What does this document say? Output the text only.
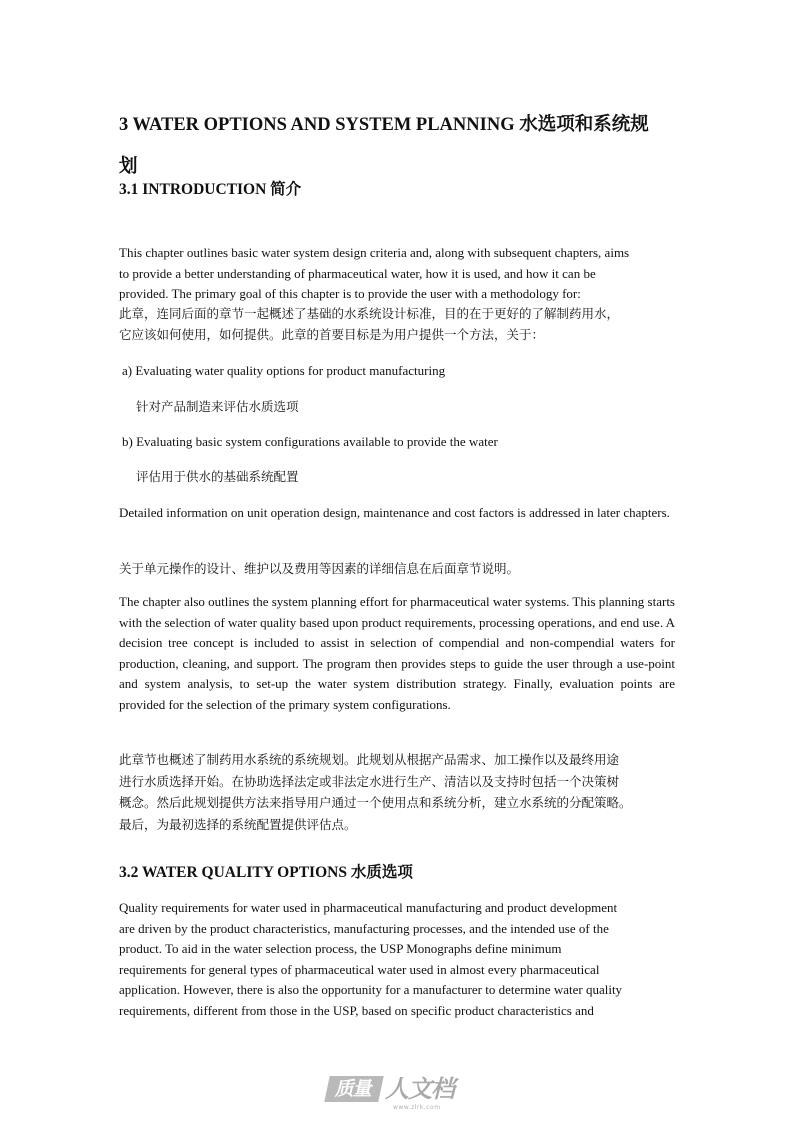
3 WATER OPTIONS AND SYSTEM PLANNING 水选项和系统规
划
3.1 INTRODUCTION 简介

This chapter outlines basic water system design criteria and, along with subsequent chapters, aims
to provide a better understanding of pharmaceutical water, how it is used, and how it can be
provided. The primary goal of this chapter is to provide the user with a methodology for:

此章，连同后面的章节一起概述了基础的水系统设计标准，目的在于更好的了解制药用水，
它应该如何使用，如何提供。此章的首要目标是为用户提供一个方法，关于：

a) Evaluating water quality options for product manufacturing

针对产品制造来评估水质选项

b) Evaluating basic system configurations available to provide the water

评估用于供水的基础系统配置

Detailed information on unit operation design, maintenance and cost factors is addressed in later chapters.

关于单元操作的设计、维护以及费用等因素的详细信息在后面章节说明。

The chapter also outlines the system planning effort for pharmaceutical water systems. This planning starts with the selection of water quality based upon product requirements, processing operations, and end use. A decision tree concept is included to assist in selection of compendial and non-compendial waters for production, cleaning, and support. The program then provides steps to guide the user through a use-point and system analysis, to set-up the water system distribution strategy. Finally, evaluation points are provided for the selection of the primary system configurations.

此章节也概述了制药用水系统的系统规划。此规划从根据产品需求、加工操作以及最终用途
进行水质选择开始。在协助选择法定或非法定水进行生产、清洁以及支持时包括一个决策树
概念。然后此规划提供方法来指导用户通过一个使用点和系统分析，建立水系统的分配策略。
最后，为最初选择的系统配置提供评估点。

3.2 WATER QUALITY OPTIONS 水质选项

Quality requirements for water used in pharmaceutical manufacturing and product development
are driven by the product characteristics, manufacturing processes, and the intended use of the
product. To aid in the water selection process, the USP Monographs define minimum
requirements for general types of pharmaceutical water used in almost every pharmaceutical
application. However, there is also the opportunity for a manufacturer to determine water quality
requirements, different from those in the USP, based on specific product characteristics and

质量 人文档
www.zlrk.com
